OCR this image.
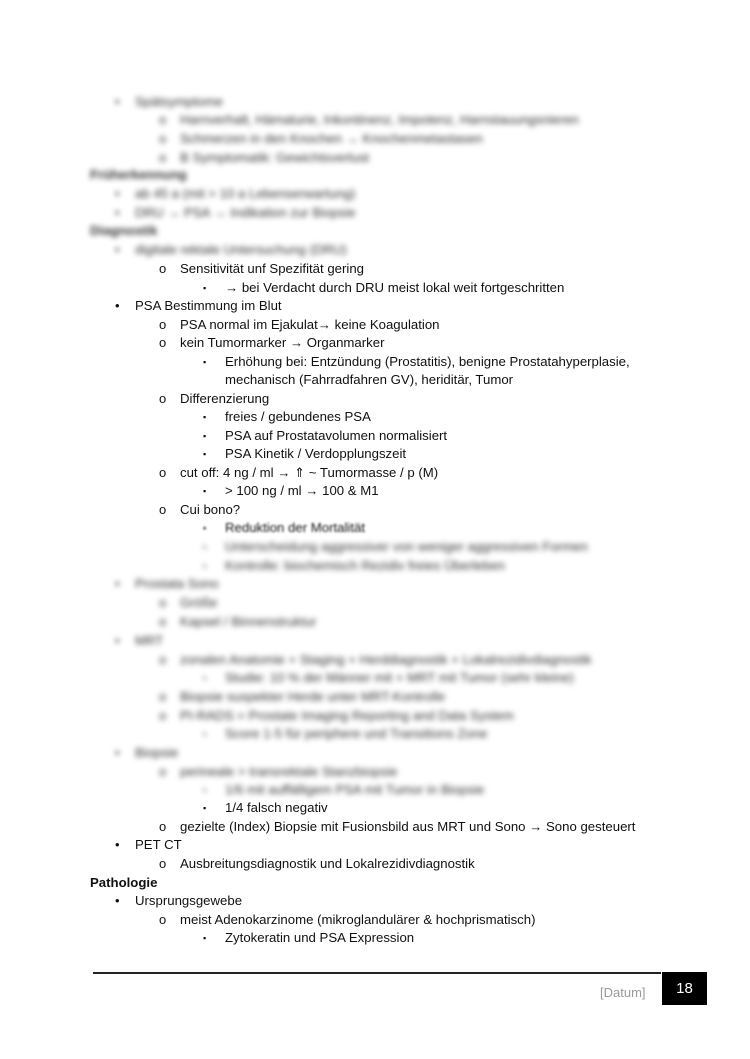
• Spätsymptome
o Harnverhalt, Hämaturie, Inkontinenz, Impotenz, Harnstauungsnieren
o Schmerzen in den Knochen → Knochenmetastasen
o B Symptomatik: Gewichtsverlust
Früherkennung
• ab 45 a (mit > 10 a Lebenserwartung)
• DRU → PSA → Indikation zur Biopsie
Diagnostik
• digitale rektale Untersuchung (DRU)
o Sensitivität unf Spezifität gering
▪ → bei Verdacht durch DRU meist lokal weit fortgeschritten
• PSA Bestimmung im Blut
o PSA normal im Ejakulat→ keine Koagulation
o kein Tumormarker → Organmarker
▪ Erhöhung bei: Entzündung (Prostatitis), benigne Prostatahyperplasie,
mechanisch (Fahrradfahren GV), heriditär, Tumor
o Differenzierung
▪ freies / gebundenes PSA
▪ PSA auf Prostatavolumen normalisiert
▪ PSA Kinetik / Verdopplungszeit
o cut off: 4 ng / ml → ⇑ ~ Tumormasse / p (M)
▪ > 100 ng / ml → 100 & M1
o Cui bono?
▪ Reduktion der Mortalität
▪ Unterscheidung aggressiver von weniger aggressiven Formen
▪ Kontrolle: biochemisch Rezidiv freies Überleben
• Prostata Sono
o Größe
o Kapsel / Binnenstruktur
• MRT
o zonalen Anatomie + Staging + Herddiagnostik + Lokalrezidivdiagnostik
▪ Studie: 10 % der Männer mit + MRT mit Tumor (sehr kleine)
o Biopsie suspekter Herde unter MRT-Kontrolle
o PI-RADS = Prostate Imaging Reporting and Data System
▪ Score 1-5 für periphere und Transitions Zone
• Biopsie
o perineale > transrektale Stanzbiopsie
▪ 1/6 mit auffälligem PSA mit Tumor in Biopsie
▪ 1/4 falsch negativ
o gezielte (Index) Biopsie mit Fusionsbild aus MRT und Sono → Sono gesteuert
• PET CT
o Ausbreitungsdiagnostik und Lokalrezidivdiagnostik
Pathologie
• Ursprungsgewebe
o meist Adenokarzinome (mikroglandulärer & hochprismatisch)
▪ Zytokeratin und PSA Expression
[Datum]	18
